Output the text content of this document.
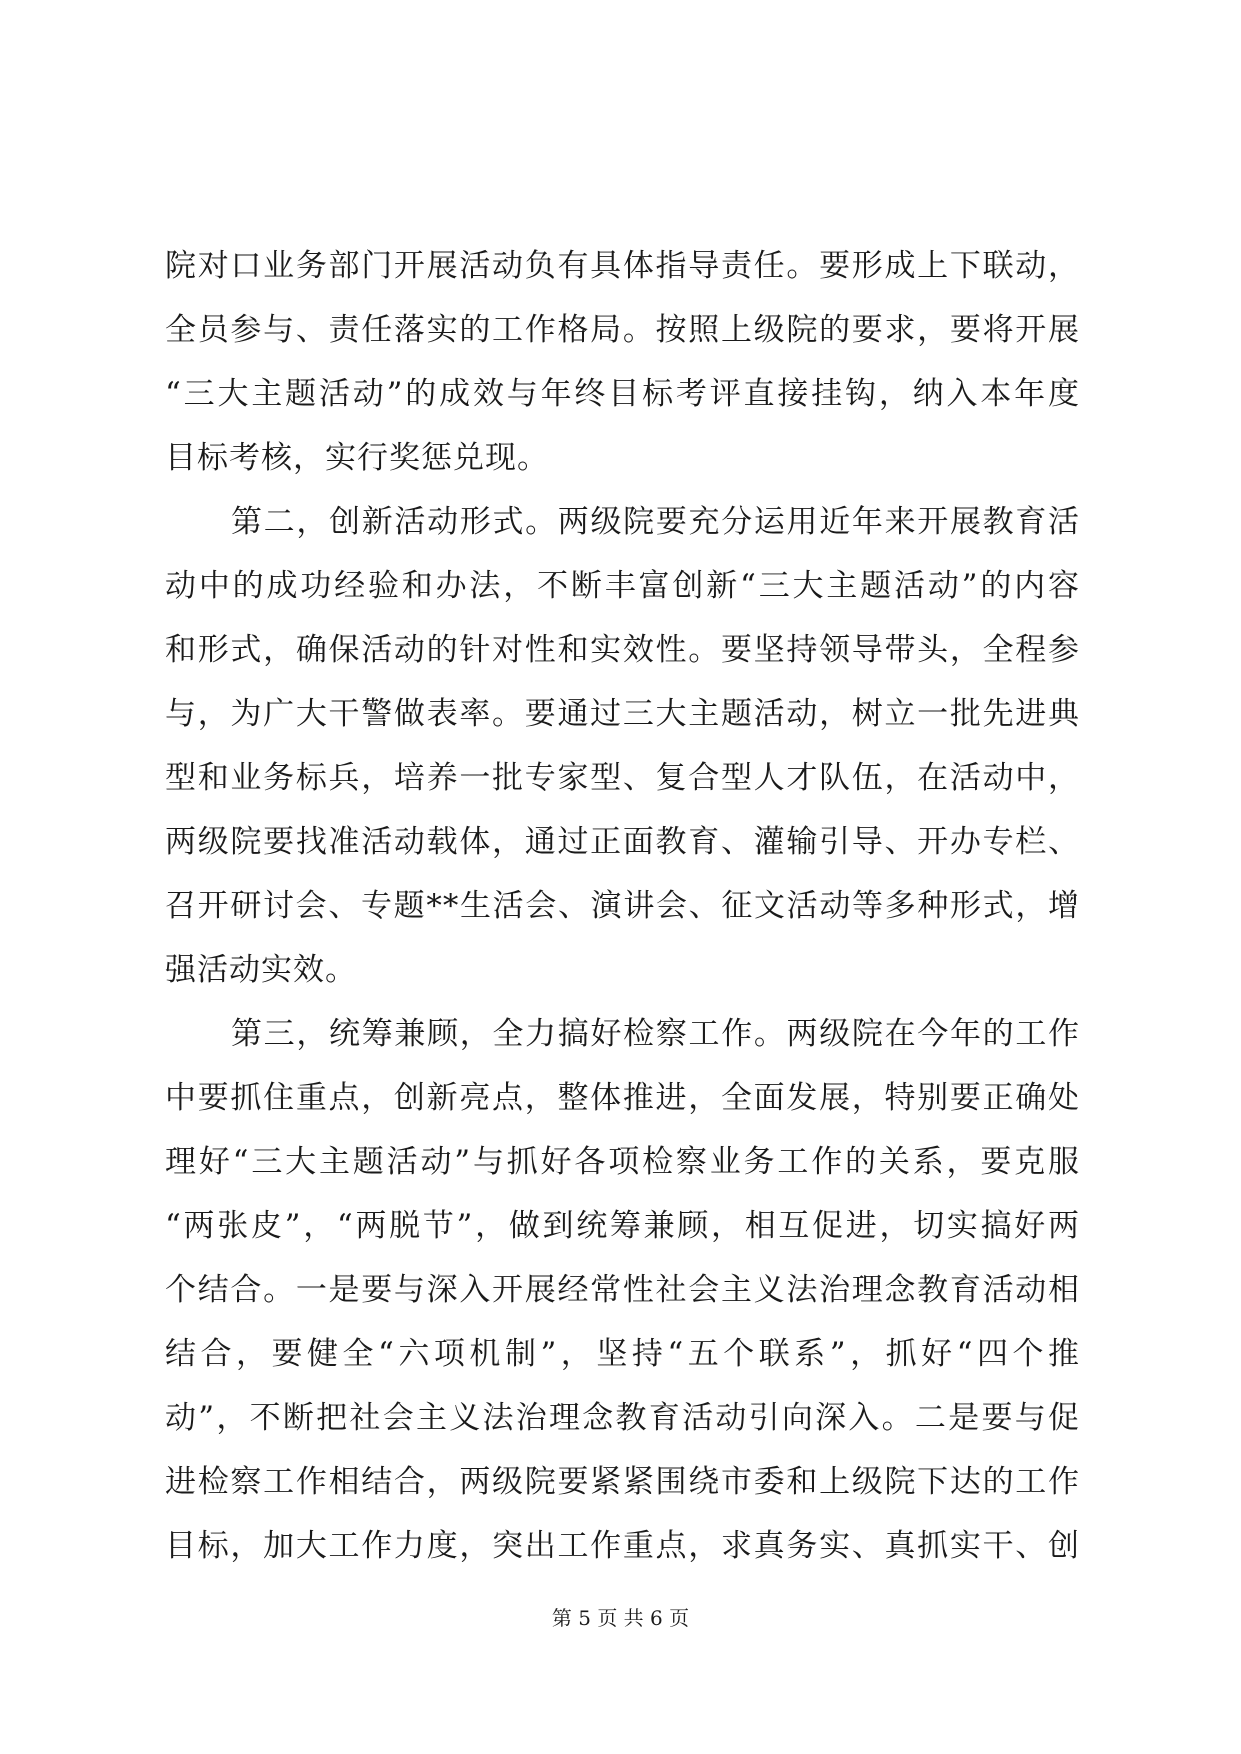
院对口业务部门开展活动负有具体指导责任。要形成上下联动，
全员参与、责任落实的工作格局。按照上级院的要求，要将开展
“三大主题活动”的成效与年终目标考评直接挂钩，纳入本年度
目标考核，实行奖惩兑现。
第二，创新活动形式。两级院要充分运用近年来开展教育活
动中的成功经验和办法，不断丰富创新“三大主题活动”的内容
和形式，确保活动的针对性和实效性。要坚持领导带头，全程参
与，为广大干警做表率。要通过三大主题活动，树立一批先进典
型和业务标兵，培养一批专家型、复合型人才队伍，在活动中，
两级院要找准活动载体，通过正面教育、灌输引导、开办专栏、
召开研讨会、专题**生活会、演讲会、征文活动等多种形式，增
强活动实效。
第三，统筹兼顾，全力搞好检察工作。两级院在今年的工作
中要抓住重点，创新亮点，整体推进，全面发展，特别要正确处
理好“三大主题活动”与抓好各项检察业务工作的关系，要克服
“两张皮”，“两脱节”，做到统筹兼顾，相互促进，切实搞好两
个结合。一是要与深入开展经常性社会主义法治理念教育活动相
结合，要健全“六项机制”，坚持“五个联系”，抓好“四个推
动”，不断把社会主义法治理念教育活动引向深入。二是要与促
进检察工作相结合，两级院要紧紧围绕市委和上级院下达的工作
目标，加大工作力度，突出工作重点，求真务实、真抓实干、创
第 5 页 共 6 页
